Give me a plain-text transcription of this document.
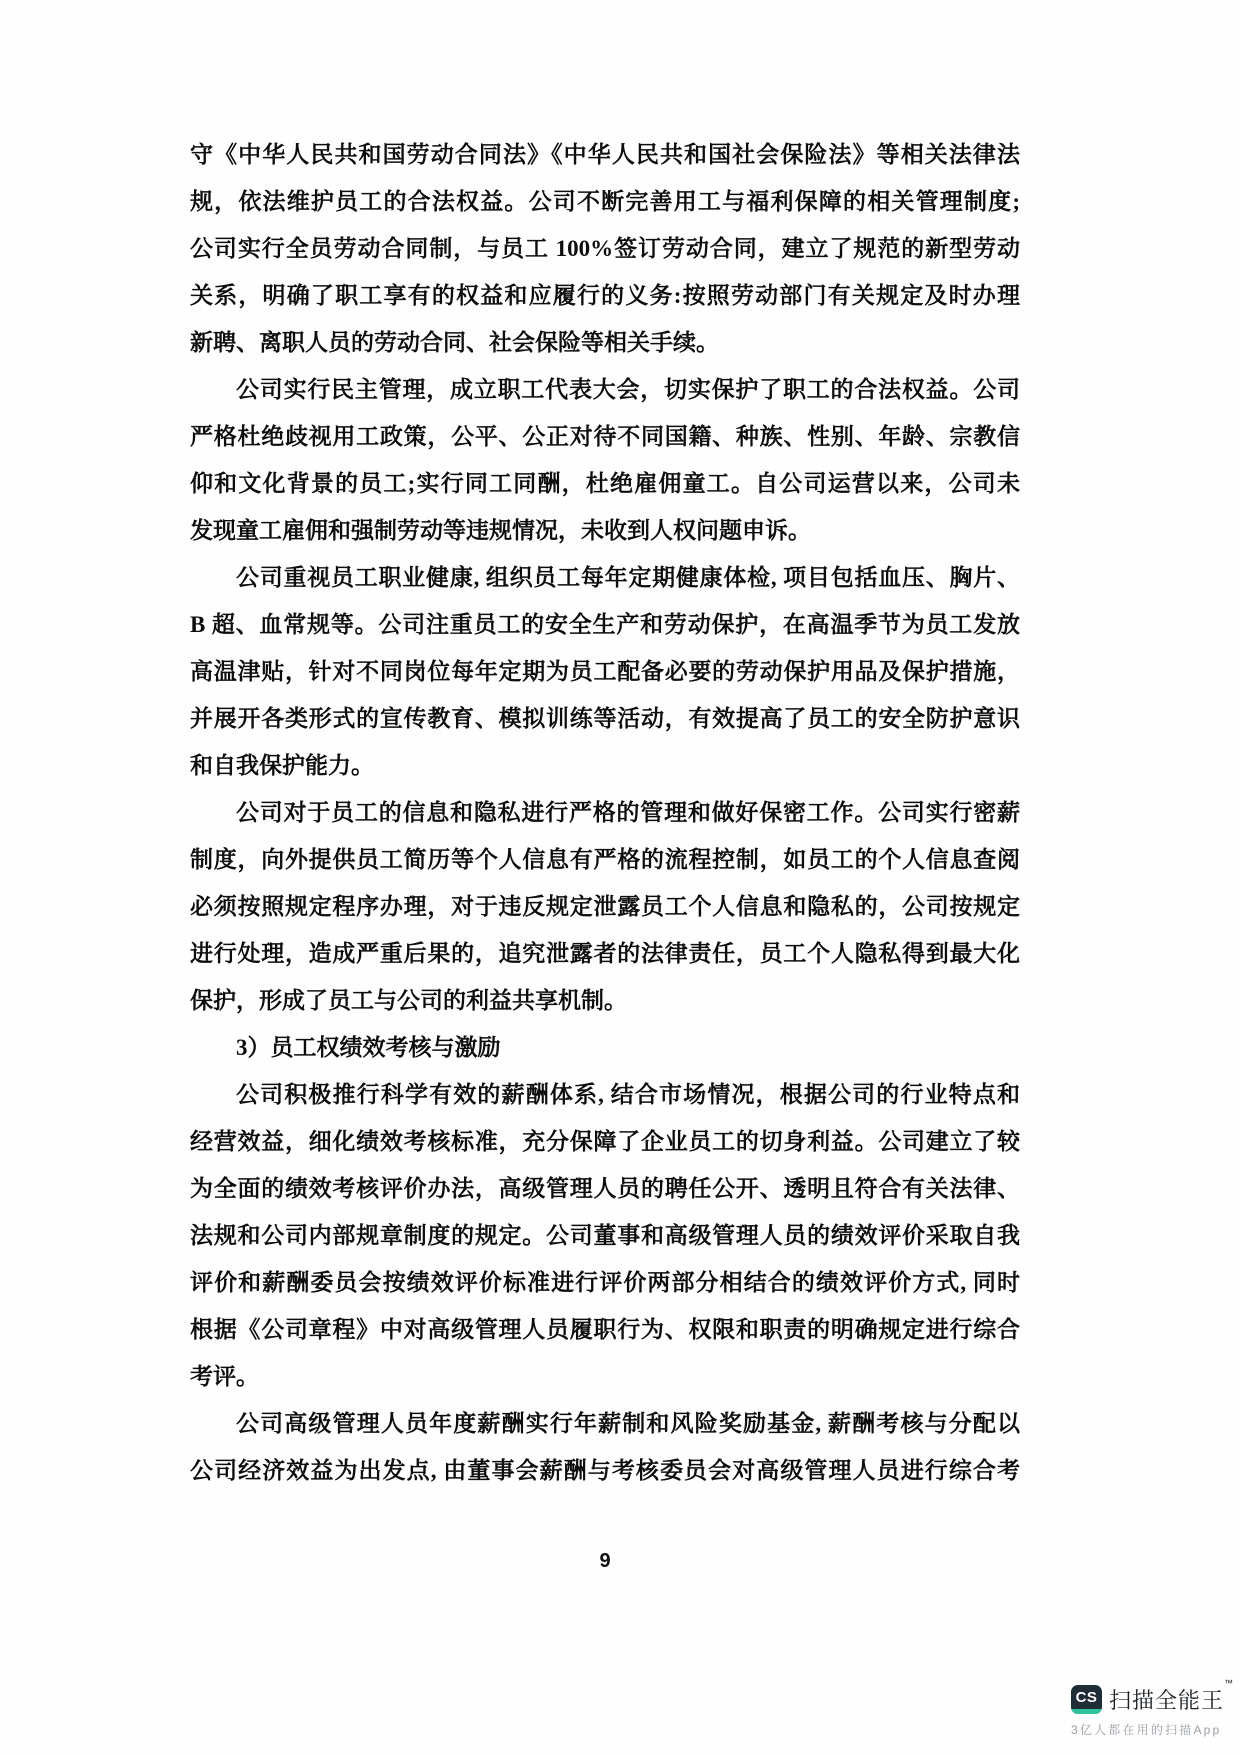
守《中华人民共和国劳动合同法》《中华人民共和国社会保险法》等相关法律法
规，依法维护员工的合法权益。公司不断完善用工与福利保障的相关管理制度;
公司实行全员劳动合同制，与员工 100%签订劳动合同，建立了规范的新型劳动
关系，明确了职工享有的权益和应履行的义务:按照劳动部门有关规定及时办理
新聘、离职人员的劳动合同、社会保险等相关手续。
公司实行民主管理，成立职工代表大会，切实保护了职工的合法权益。公司
严格杜绝歧视用工政策，公平、公正对待不同国籍、种族、性别、年龄、宗教信
仰和文化背景的员工;实行同工同酬，杜绝雇佣童工。自公司运营以来，公司未
发现童工雇佣和强制劳动等违规情况，未收到人权问题申诉。
公司重视员工职业健康, 组织员工每年定期健康体检, 项目包括血压、胸片、
B 超、血常规等。公司注重员工的安全生产和劳动保护，在高温季节为员工发放
高温津贴，针对不同岗位每年定期为员工配备必要的劳动保护用品及保护措施，
并展开各类形式的宣传教育、模拟训练等活动，有效提高了员工的安全防护意识
和自我保护能力。
公司对于员工的信息和隐私进行严格的管理和做好保密工作。公司实行密薪
制度，向外提供员工简历等个人信息有严格的流程控制，如员工的个人信息查阅
必须按照规定程序办理，对于违反规定泄露员工个人信息和隐私的，公司按规定
进行处理，造成严重后果的，追究泄露者的法律责任，员工个人隐私得到最大化
保护，形成了员工与公司的利益共享机制。
3）员工权绩效考核与激励
公司积极推行科学有效的薪酬体系, 结合市场情况，根据公司的行业特点和
经营效益，细化绩效考核标准，充分保障了企业员工的切身利益。公司建立了较
为全面的绩效考核评价办法，高级管理人员的聘任公开、透明且符合有关法律、
法规和公司内部规章制度的规定。公司董事和高级管理人员的绩效评价采取自我
评价和薪酬委员会按绩效评价标准进行评价两部分相结合的绩效评价方式, 同时
根据《公司章程》中对高级管理人员履职行为、权限和职责的明确规定进行综合
考评。
公司高级管理人员年度薪酬实行年薪制和风险奖励基金, 薪酬考核与分配以
公司经济效益为出发点, 由董事会薪酬与考核委员会对高级管理人员进行综合考
9
CS 扫描全能王™
3亿人都在用的扫描App
